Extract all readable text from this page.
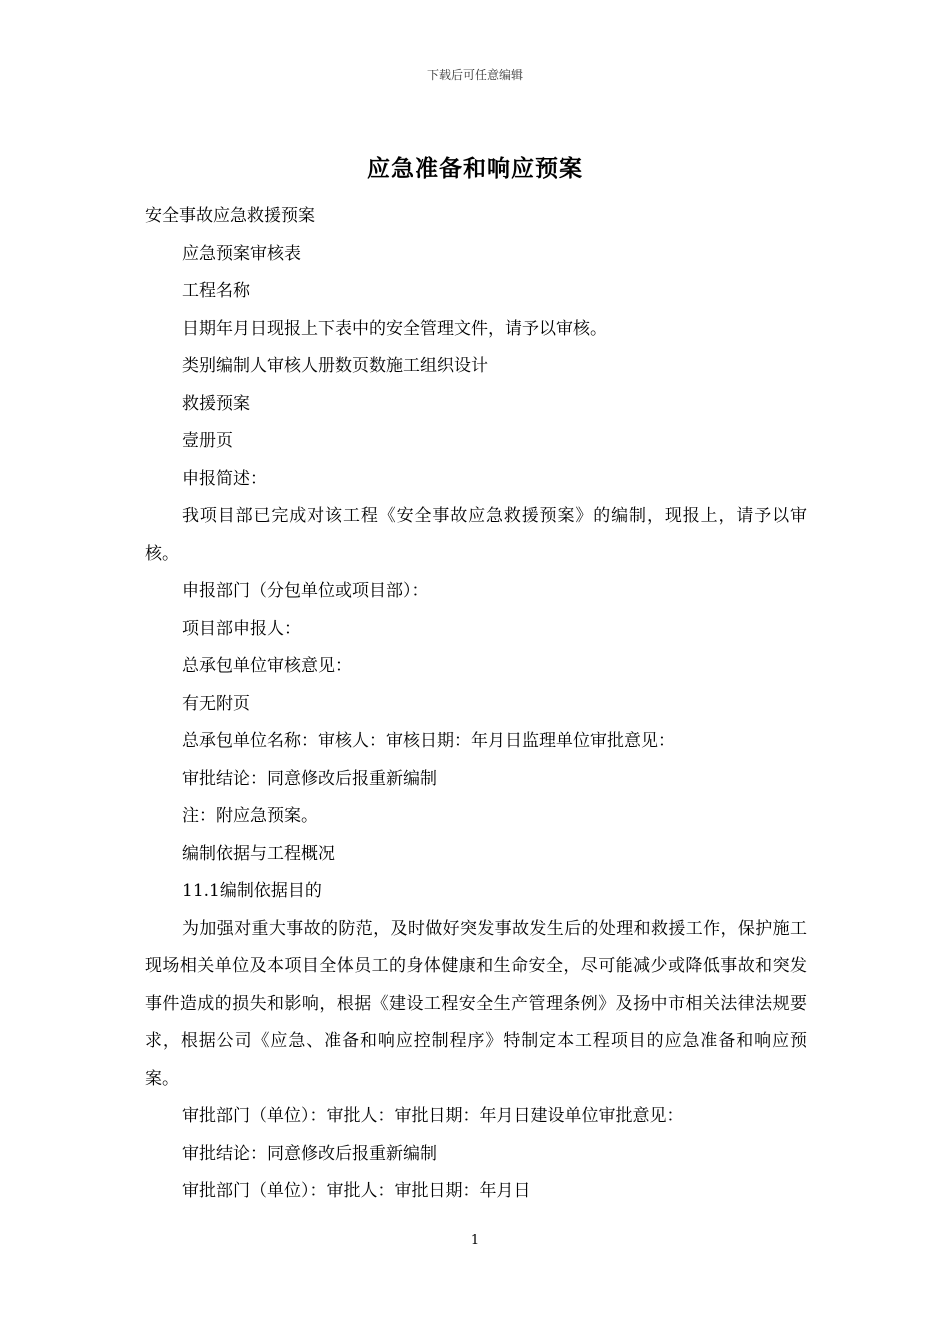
下载后可任意编辑
应急准备和响应预案
安全事故应急救援预案
应急预案审核表
工程名称
日期年月日现报上下表中的安全管理文件，请予以审核。
类别编制人审核人册数页数施工组织设计
救援预案
壹册页
申报简述：
我项目部已完成对该工程《安全事故应急救援预案》的编制，现报上，请予以审核。
申报部门（分包单位或项目部）：
项目部申报人：
总承包单位审核意见：
有无附页
总承包单位名称：审核人：审核日期：年月日监理单位审批意见：
审批结论：同意修改后报重新编制
注：附应急预案。
编制依据与工程概况
11.1编制依据目的
为加强对重大事故的防范，及时做好突发事故发生后的处理和救援工作，保护施工现场相关单位及本项目全体员工的身体健康和生命安全，尽可能减少或降低事故和突发事件造成的损失和影响，根据《建设工程安全生产管理条例》及扬中市相关法律法规要求，根据公司《应急、准备和响应控制程序》特制定本工程项目的应急准备和响应预案。
审批部门（单位）：审批人：审批日期：年月日建设单位审批意见：
审批结论：同意修改后报重新编制
审批部门（单位）：审批人：审批日期：年月日
1
